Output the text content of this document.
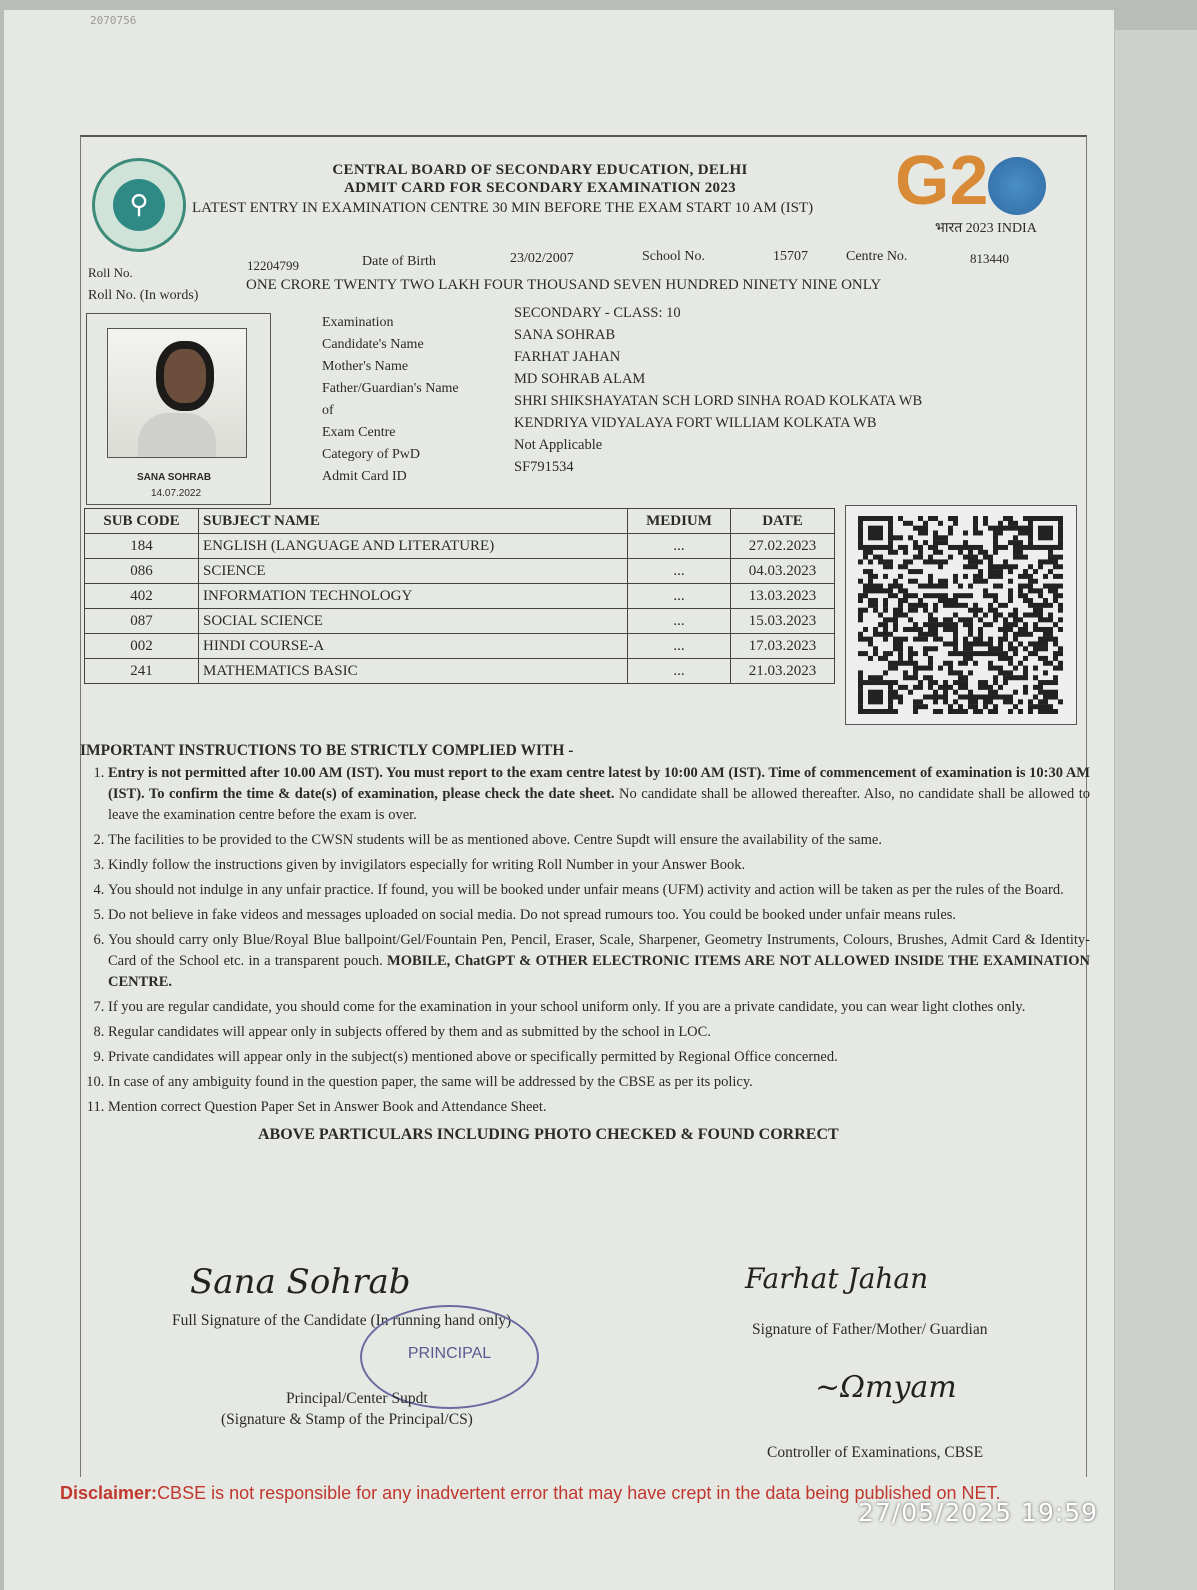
2070756
⚲
CENTRAL BOARD OF SECONDARY EDUCATION, DELHI
ADMIT CARD FOR SECONDARY EXAMINATION 2023
LATEST ENTRY IN EXAMINATION CENTRE 30 MIN BEFORE THE EXAM START 10 AM (IST) G2
भारत 2023 INDIA
Roll No.	12204799	Date of Birth	23/02/2007	School No.	15707	Centre No.	813440
Roll No. (In words)
ONE CRORE TWENTY TWO LAKH FOUR THOUSAND SEVEN HUNDRED NINETY NINE ONLY
SANA SOHRAB
14.07.2022
Examination
SECONDARY - CLASS: 10
Candidate's Name
SANA SOHRAB
Mother's Name
FARHAT JAHAN
Father/Guardian's Name
MD SOHRAB ALAM
of
SHRI SHIKSHAYATAN SCH LORD SINHA ROAD KOLKATA WB
Exam Centre
KENDRIYA VIDYALAYA FORT WILLIAM KOLKATA WB
Category of PwD
Not Applicable
Admit Card ID
SF791534
SUB CODE	SUBJECT NAME	MEDIUM	DATE
184	ENGLISH (LANGUAGE AND LITERATURE)	...	27.02.2023
086	SCIENCE	...	04.03.2023
402	INFORMATION TECHNOLOGY	...	13.03.2023
087	SOCIAL SCIENCE	...	15.03.2023
002	HINDI COURSE-A	...	17.03.2023
241	MATHEMATICS BASIC	...	21.03.2023
IMPORTANT INSTRUCTIONS TO BE STRICTLY COMPLIED WITH -
1. Entry is not permitted after 10.00 AM (IST). You must report to the exam centre latest by 10:00 AM (IST). Time of commencement of examination is 10:30 AM (IST). To confirm the time & date(s) of examination, please check the date sheet. No candidate shall be allowed thereafter. Also, no candidate shall be allowed to leave the examination centre before the exam is over.
2. The facilities to be provided to the CWSN students will be as mentioned above. Centre Supdt will ensure the availability of the same.
3. Kindly follow the instructions given by invigilators especially for writing Roll Number in your Answer Book.
4. You should not indulge in any unfair practice. If found, you will be booked under unfair means (UFM) activity and action will be taken as per the rules of the Board.
5. Do not believe in fake videos and messages uploaded on social media. Do not spread rumours too. You could be booked under unfair means rules.
6. You should carry only Blue/Royal Blue ballpoint/Gel/Fountain Pen, Pencil, Eraser, Scale, Sharpener, Geometry Instruments, Colours, Brushes, Admit Card & Identity-Card of the School etc. in a transparent pouch. MOBILE, ChatGPT & OTHER ELECTRONIC ITEMS ARE NOT ALLOWED INSIDE THE EXAMINATION CENTRE.
7. If you are regular candidate, you should come for the examination in your school uniform only. If you are a private candidate, you can wear light clothes only.
8. Regular candidates will appear only in subjects offered by them and as submitted by the school in LOC.
9. Private candidates will appear only in the subject(s) mentioned above or specifically permitted by Regional Office concerned.
10. In case of any ambiguity found in the question paper, the same will be addressed by the CBSE as per its policy.
11. Mention correct Question Paper Set in Answer Book and Attendance Sheet.
ABOVE PARTICULARS INCLUDING PHOTO CHECKED & FOUND CORRECT
Sana Sohrab
Full Signature of the Candidate (In running hand only)
Farhat Jahan
Signature of Father/Mother/ Guardian
PRINCIPAL
Principal/Center Supdt
(Signature & Stamp of the Principal/CS)
~Ωmyam
Controller of Examinations, CBSE
Disclaimer:CBSE is not responsible for any inadvertent error that may have crept in the data being published on NET.
27/05/2025 19:59
